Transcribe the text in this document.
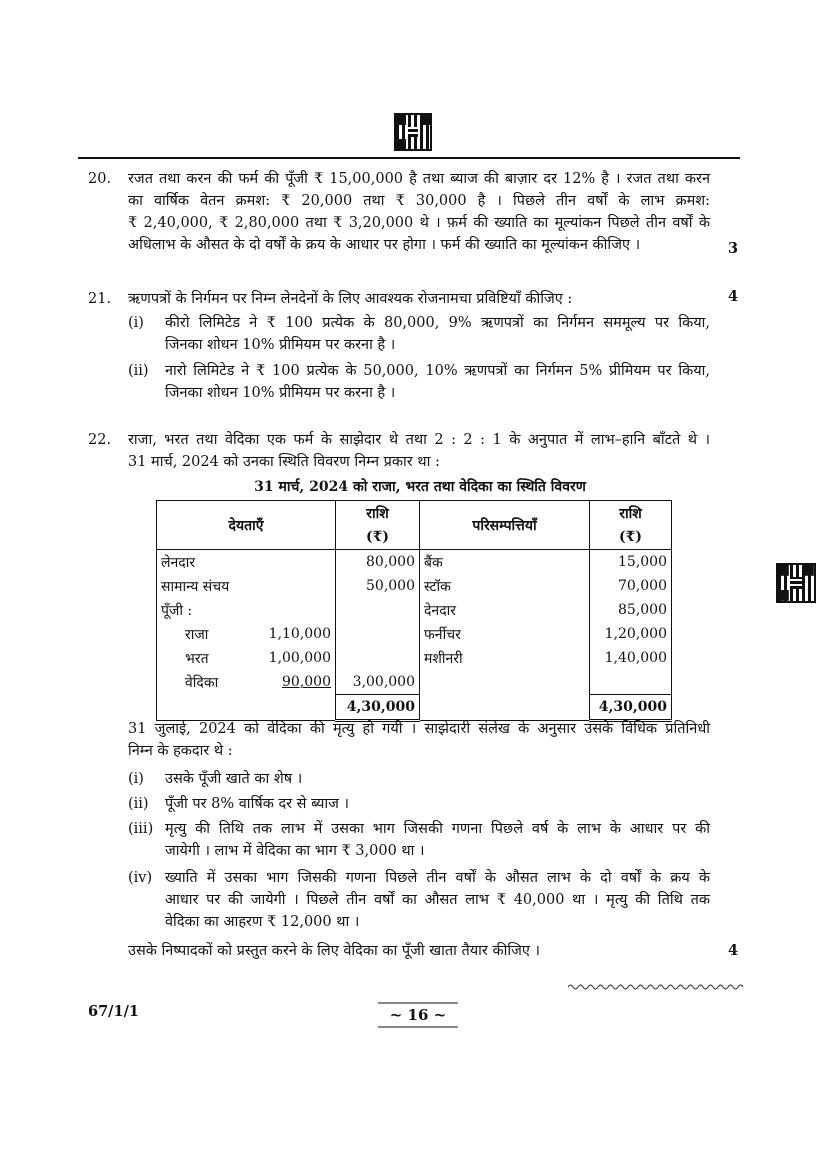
20. रजत तथा करन की फर्म की पूँजी ₹ 15,00,000 है तथा ब्याज की बाज़ार दर 12% है । रजत तथा करन
का वार्षिक वेतन क्रमश: ₹ 20,000 तथा ₹ 30,000 है । पिछले तीन वर्षों के लाभ क्रमश:
₹ 2,40,000, ₹ 2,80,000 तथा ₹ 3,20,000 थे । फ़र्म की ख्याति का मूल्यांकन पिछले तीन वर्षों के
अधिलाभ के औसत के दो वर्षों के क्रय के आधार पर होगा । फर्म की ख्याति का मूल्यांकन कीजिए ।	3
21. ऋणपत्रों के निर्गमन पर निम्न लेनदेनों के लिए आवश्यक रोजनामचा प्रविष्टियाँ कीजिए :	4
(i) कीरो लिमिटेड ने ₹ 100 प्रत्येक के 80,000, 9% ऋणपत्रों का निर्गमन सममूल्य पर किया,
जिनका शोधन 10% प्रीमियम पर करना है ।
(ii) नारो लिमिटेड ने ₹ 100 प्रत्येक के 50,000, 10% ऋणपत्रों का निर्गमन 5% प्रीमियम पर किया,
जिनका शोधन 10% प्रीमियम पर करना है ।
22. राजा, भरत तथा वेदिका एक फर्म के साझेदार थे तथा 2 : 2 : 1 के अनुपात में लाभ–हानि बाँटते थे ।
31 मार्च, 2024 को उनका स्थिति विवरण निम्न प्रकार था :
31 मार्च, 2024 को राजा, भरत तथा वेदिका का स्थिति विवरण
देयताएँ		राशि	परिसम्पत्तियाँ	राशि
		(₹)		(₹)
लेनदार		80,000	बैंक	15,000
सामान्य संचय		50,000	स्टॉक	70,000
पूँजी :			देनदार	85,000
राजा	1,10,000		फर्नीचर	1,20,000
भरत	1,00,000		मशीनरी	1,40,000
वेदिका	90,000	3,00,000		
		4,30,000		4,30,000
31 जुलाई, 2024 को वेदिका की मृत्यु हो गयी । साझेदारी संलेख के अनुसार उसके विधिक प्रतिनिधी
निम्न के हकदार थे :
(i) उसके पूँजी खाते का शेष ।
(ii) पूँजी पर 8% वार्षिक दर से ब्याज ।
(iii) मृत्यु की तिथि तक लाभ में उसका भाग जिसकी गणना पिछले वर्ष के लाभ के आधार पर की
जायेगी । लाभ में वेदिका का भाग ₹ 3,000 था ।
(iv) ख्याति में उसका भाग जिसकी गणना पिछले तीन वर्षों के औसत लाभ के दो वर्षों के क्रय के
आधार पर की जायेगी । पिछले तीन वर्षों का औसत लाभ ₹ 40,000 था । मृत्यु की तिथि तक
वेदिका का आहरण ₹ 12,000 था ।
उसके निष्पादकों को प्रस्तुत करने के लिए वेदिका का पूँजी खाता तैयार कीजिए ।	4
67/1/1	~ 16 ~
